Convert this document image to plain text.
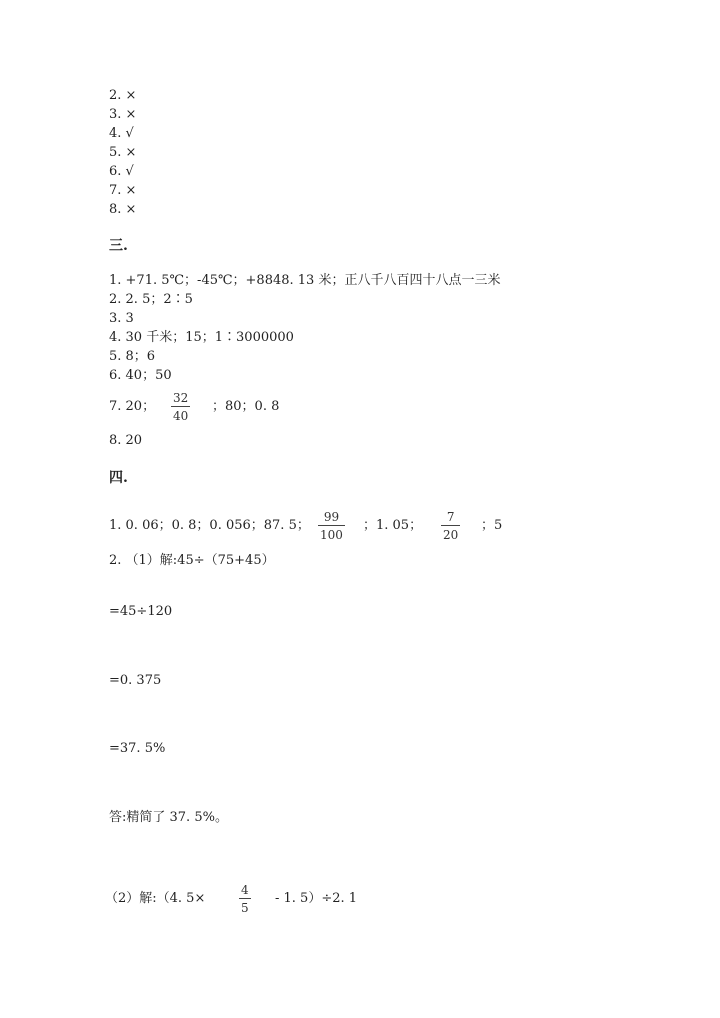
2. ×
3. ×
4. √
5. ×
6. √
7. ×
8. ×
三.
1. +71. 5℃；-45℃；+8848. 13 米；正八千八百四十八点一三米
2. 2. 5；2∶5
3. 3
4. 30 千米；15；1∶3000000
5. 8；6
6. 40；50
7. 20；
32
40
；80；0. 8
8. 20
四.
1. 0. 06；0. 8；0. 056；87. 5；
99
100
；1. 05；
7
20
；5
2. （1）解:45÷（75+45）
=45÷120
=0. 375
=37. 5%
答:精简了 37. 5%。
（2）解:（4. 5×
4
5
- 1. 5）÷2. 1
